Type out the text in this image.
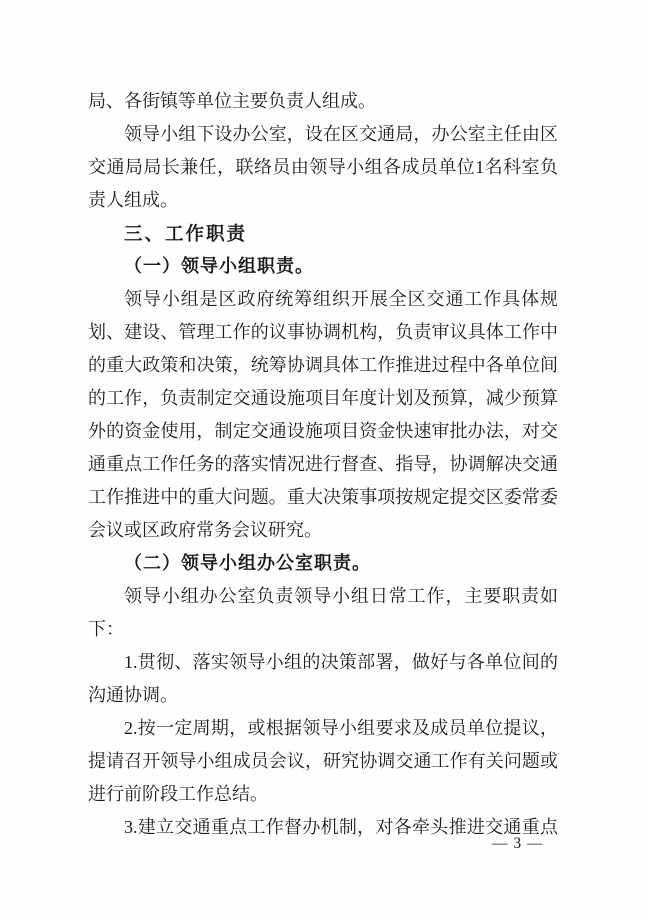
局、各街镇等单位主要负责人组成。
领导小组下设办公室，设在区交通局，办公室主任由区
交通局局长兼任，联络员由领导小组各成员单位1名科室负
责人组成。
三、工作职责
（一）领导小组职责。
领导小组是区政府统筹组织开展全区交通工作具体规
划、建设、管理工作的议事协调机构，负责审议具体工作中
的重大政策和决策，统筹协调具体工作推进过程中各单位间
的工作，负责制定交通设施项目年度计划及预算，减少预算
外的资金使用，制定交通设施项目资金快速审批办法，对交
通重点工作任务的落实情况进行督查、指导，协调解决交通
工作推进中的重大问题。重大决策事项按规定提交区委常委
会议或区政府常务会议研究。
（二）领导小组办公室职责。
领导小组办公室负责领导小组日常工作，主要职责如
下：
1.贯彻、落实领导小组的决策部署，做好与各单位间的
沟通协调。
2.按一定周期，或根据领导小组要求及成员单位提议，
提请召开领导小组成员会议，研究协调交通工作有关问题或
进行前阶段工作总结。
3.建立交通重点工作督办机制，对各牵头推进交通重点
— 3 —
